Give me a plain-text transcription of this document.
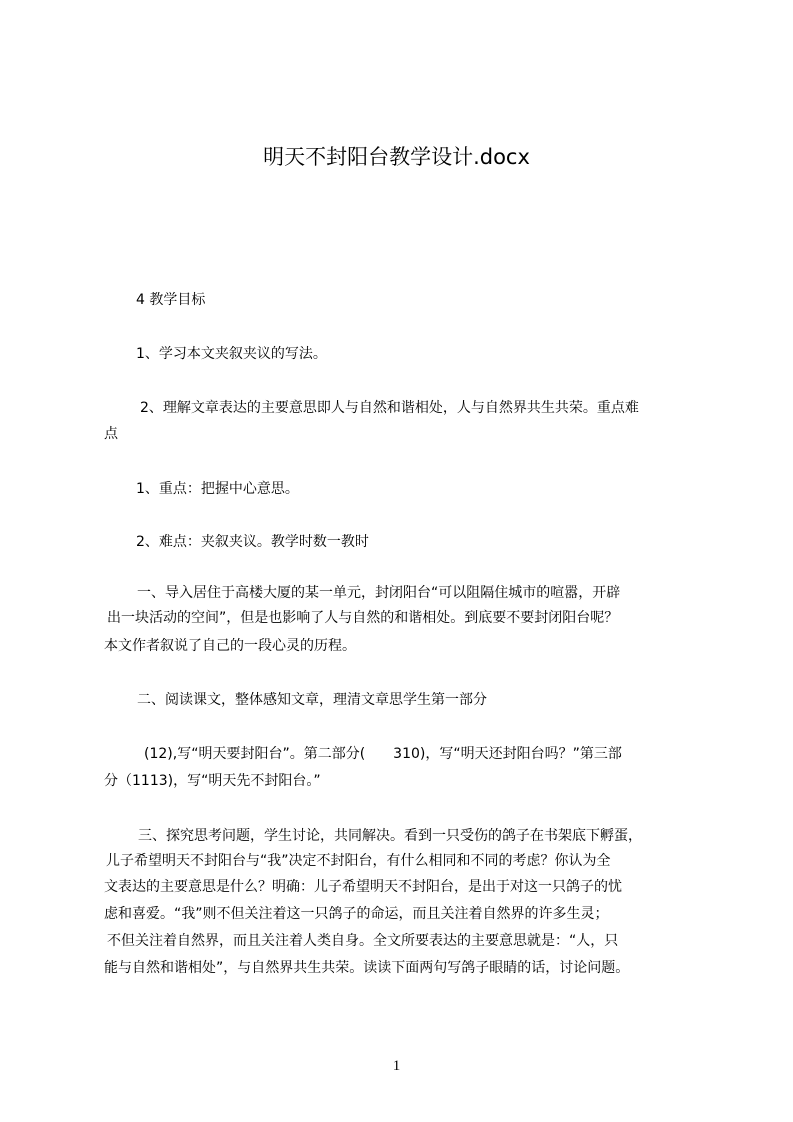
明天不封阳台教学设计.docx
4 教学目标
1、学习本文夹叙夹议的写法。
2、理解文章表达的主要意思即人与自然和谐相处，人与自然界共生共荣。重点难
点
1、重点：把握中心意思。
2、难点：夹叙夹议。教学时数一教时
一、导入居住于高楼大厦的某一单元，封闭阳台“可以阻隔住城市的喧嚣，开辟
出一块活动的空间”，但是也影响了人与自然的和谐相处。到底要不要封闭阳台呢？
本文作者叙说了自己的一段心灵的历程。
二、阅读课文，整体感知文章，理清文章思学生第一部分
(12),写“明天要封阳台”。第二部分(　　310)，写“明天还封阳台吗？”第三部
分（1113)，写“明天先不封阳台。”
三、探究思考问题，学生讨论，共同解决。看到一只受伤的鸽子在书架底下孵蛋，
儿子希望明天不封阳台与“我”决定不封阳台，有什么相同和不同的考虑？你认为全
文表达的主要意思是什么？明确：儿子希望明天不封阳台，是出于对这一只鸽子的忧
虑和喜爱。“我”则不但关注着这一只鸽子的命运，而且关注着自然界的许多生灵；
不但关注着自然界，而且关注着人类自身。全文所要表达的主要意思就是：“人，只
能与自然和谐相处”，与自然界共生共荣。读读下面两句写鸽子眼睛的话，讨论问题。
1
